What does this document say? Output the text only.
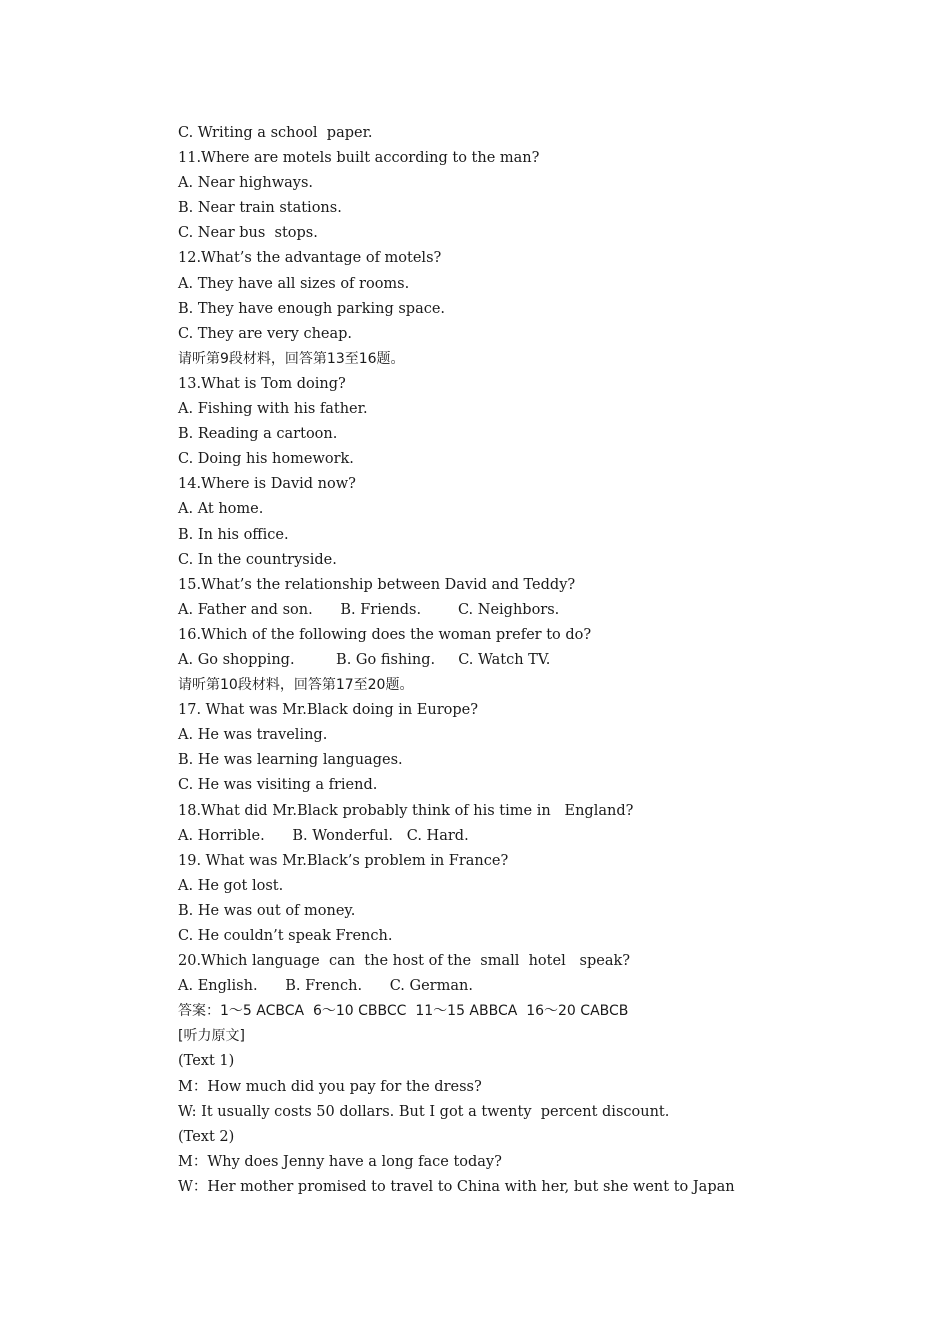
C. Writing a school  paper.
11.Where are motels built according to the man?
A. Near highways.
B. Near train stations.
C. Near bus  stops.
12.What’s the advantage of motels?
A. They have all sizes of rooms.
B. They have enough parking space.
C. They are very cheap.
请听第9段材料，回答第13至16题。
13.What is Tom doing?
A. Fishing with his father.
B. Reading a cartoon.
C. Doing his homework.
14.Where is David now?
A. At home.
B. In his office.
C. In the countryside.
15.What’s the relationship between David and Teddy?
A. Father and son.      B. Friends.        C. Neighbors.
16.Which of the following does the woman prefer to do?
A. Go shopping.         B. Go fishing.     C. Watch TV.
请听第10段材料，回答第17至20题。
17. What was Mr.Black doing in Europe?
A. He was traveling.
B. He was learning languages.
C. He was visiting a friend.
18.What did Mr.Black probably think of his time in   England?
A. Horrible.      B. Wonderful.   C. Hard.
19. What was Mr.Black’s problem in France?
A. He got lost.
B. He was out of money.
C. He couldn’t speak French.
20.Which language  can  the host of the  small  hotel   speak?
A. English.      B. French.      C. German.
答案：1～5 ACBCA  6～10 CBBCC  11～15 ABBCA  16～20 CABCB
[听力原文]
(Text 1)
M：How much did you pay for the dress?
W: It usually costs 50 dollars. But I got a twenty  percent discount.
(Text 2)
M：Why does Jenny have a long face today?
W：Her mother promised to travel to China with her, but she went to Japan
